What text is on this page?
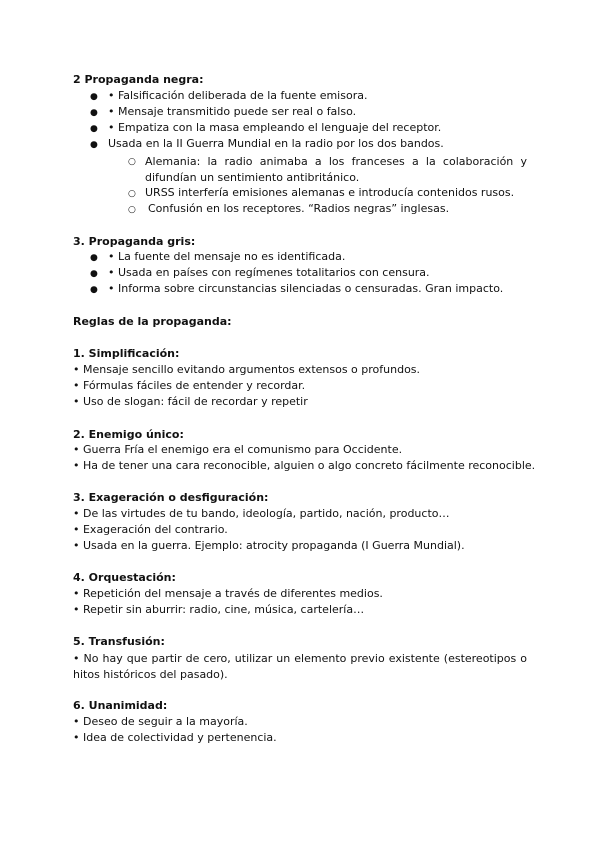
2 Propaganda negra:
● • Falsificación deliberada de la fuente emisora.
● • Mensaje transmitido puede ser real o falso.
● • Empatiza con la masa empleando el lenguaje del receptor.
● Usada en la II Guerra Mundial en la radio por los dos bandos.
○ Alemania: la radio animaba a los franceses a la colaboración y difundían un sentimiento antibritánico.
○ URSS interfería emisiones alemanas e introducía contenidos rusos.
○ Confusión en los receptores. “Radios negras” inglesas.
3. Propaganda gris:
● • La fuente del mensaje no es identificada.
● • Usada en países con regímenes totalitarios con censura.
● • Informa sobre circunstancias silenciadas o censuradas. Gran impacto.
Reglas de la propaganda:
1. Simplificación:
• Mensaje sencillo evitando argumentos extensos o profundos.
• Fórmulas fáciles de entender y recordar.
• Uso de slogan: fácil de recordar y repetir
2. Enemigo único:
• Guerra Fría el enemigo era el comunismo para Occidente.
• Ha de tener una cara reconocible, alguien o algo concreto fácilmente reconocible.
3. Exageración o desfiguración:
• De las virtudes de tu bando, ideología, partido, nación, producto…
• Exageración del contrario.
• Usada en la guerra. Ejemplo: atrocity propaganda (I Guerra Mundial).
4. Orquestación:
• Repetición del mensaje a través de diferentes medios.
• Repetir sin aburrir: radio, cine, música, cartelería…
5. Transfusión:
• No hay que partir de cero, utilizar un elemento previo existente (estereotipos o hitos históricos del pasado).
6. Unanimidad:
• Deseo de seguir a la mayoría.
• Idea de colectividad y pertenencia.
